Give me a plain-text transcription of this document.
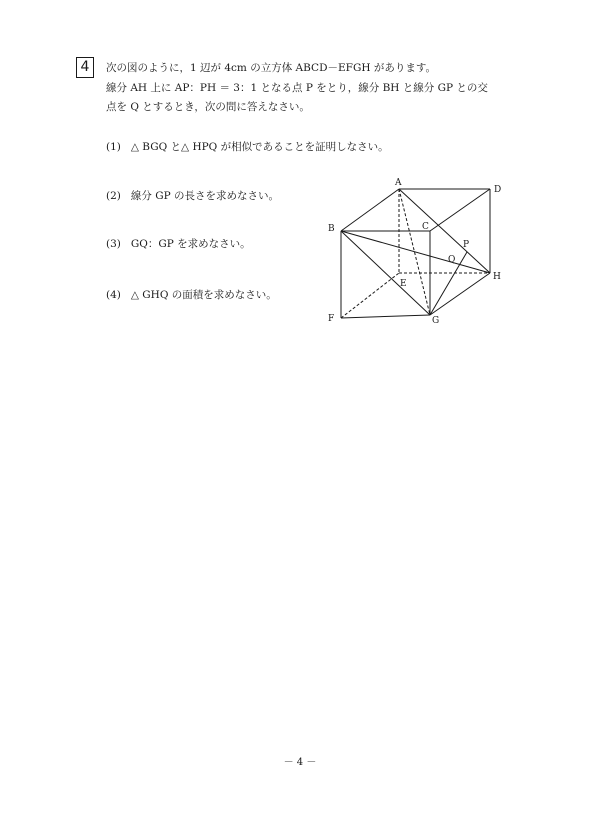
4	次の図のように，1 辺が 4cm の立方体 ABCD－EFGH があります。
線分 AH 上に AP：PH ＝ 3：1 となる点 P をとり，線分 BH と線分 GP との交
点を Q とするとき，次の問に答えなさい。
(1) △ BGQ と△ HPQ が相似であることを証明しなさい。
(2) 線分 GP の長さを求めなさい。
(3) GQ：GP を求めなさい。
(4) △ GHQ の面積を求めなさい。
A
B	C
D
E
F	G
H
P
Q
－ 4 －
